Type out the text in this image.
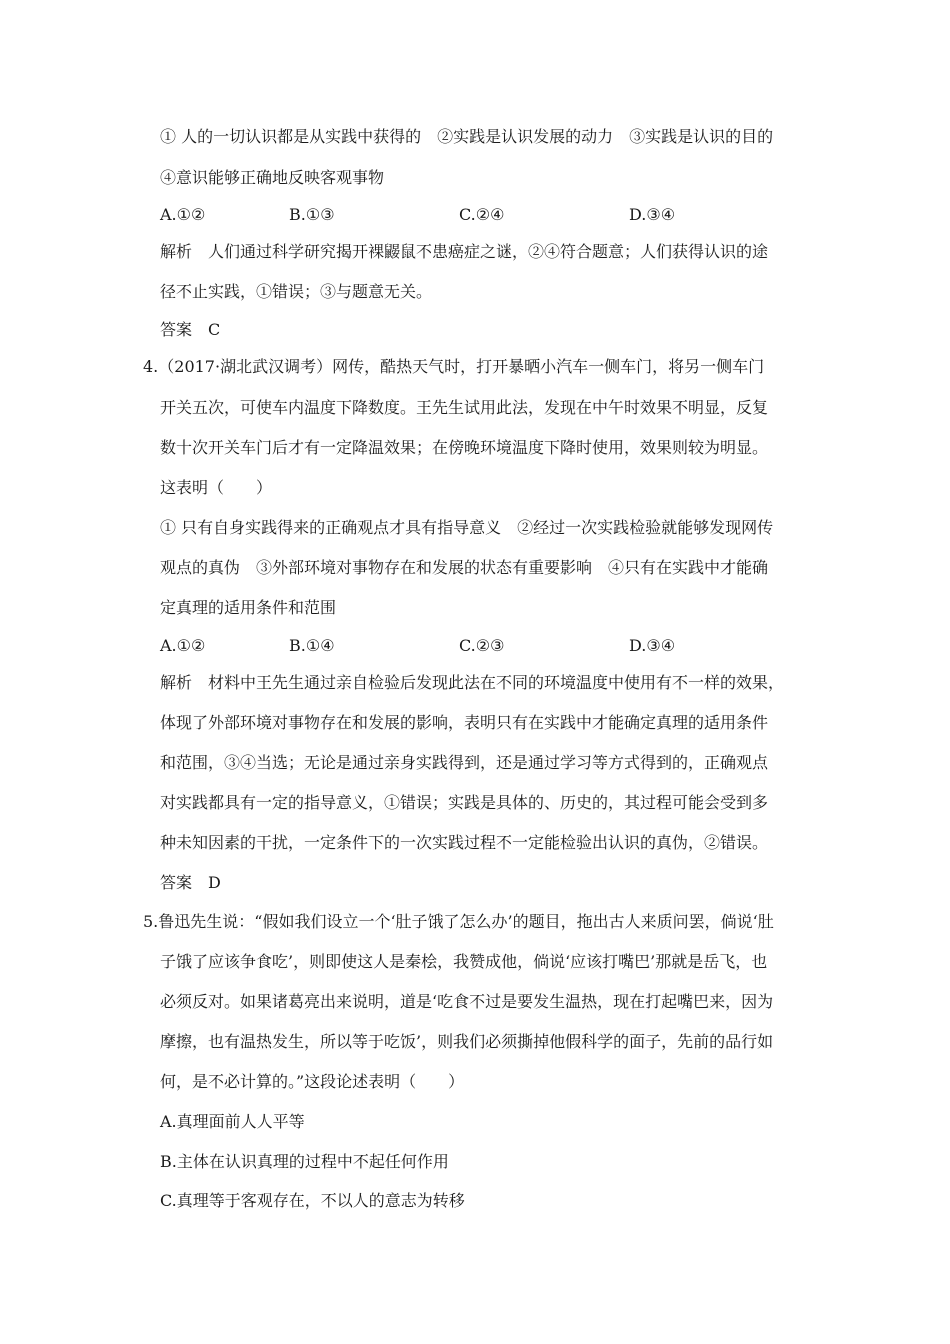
① 人的一切认识都是从实践中获得的　②实践是认识发展的动力　③实践是认识的目的
④意识能够正确地反映客观事物
A.①②	B.①③	C.②④	D.③④
解析　人们通过科学研究揭开裸鼹鼠不患癌症之谜，②④符合题意；人们获得认识的途
径不止实践，①错误；③与题意无关。
答案　C
4.（2017·湖北武汉调考）网传，酷热天气时，打开暴晒小汽车一侧车门，将另一侧车门
开关五次，可使车内温度下降数度。王先生试用此法，发现在中午时效果不明显，反复
数十次开关车门后才有一定降温效果；在傍晚环境温度下降时使用，效果则较为明显。
这表明（　　）
① 只有自身实践得来的正确观点才具有指导意义　②经过一次实践检验就能够发现网传
观点的真伪　③外部环境对事物存在和发展的状态有重要影响　④只有在实践中才能确
定真理的适用条件和范围
A.①②	B.①④	C.②③	D.③④
解析　材料中王先生通过亲自检验后发现此法在不同的环境温度中使用有不一样的效果，
体现了外部环境对事物存在和发展的影响，表明只有在实践中才能确定真理的适用条件
和范围，③④当选；无论是通过亲身实践得到，还是通过学习等方式得到的，正确观点
对实践都具有一定的指导意义，①错误；实践是具体的、历史的，其过程可能会受到多
种未知因素的干扰，一定条件下的一次实践过程不一定能检验出认识的真伪，②错误。
答案　D
5.鲁迅先生说：“假如我们设立一个‘肚子饿了怎么办’的题目，拖出古人来质问罢，倘说‘肚
子饿了应该争食吃’，则即使这人是秦桧，我赞成他，倘说‘应该打嘴巴’那就是岳飞，也
必须反对。如果诸葛亮出来说明，道是‘吃食不过是要发生温热，现在打起嘴巴来，因为
摩擦，也有温热发生，所以等于吃饭’，则我们必须撕掉他假科学的面子，先前的品行如
何，是不必计算的。”这段论述表明（　　）
A.真理面前人人平等
B.主体在认识真理的过程中不起任何作用
C.真理等于客观存在，不以人的意志为转移
